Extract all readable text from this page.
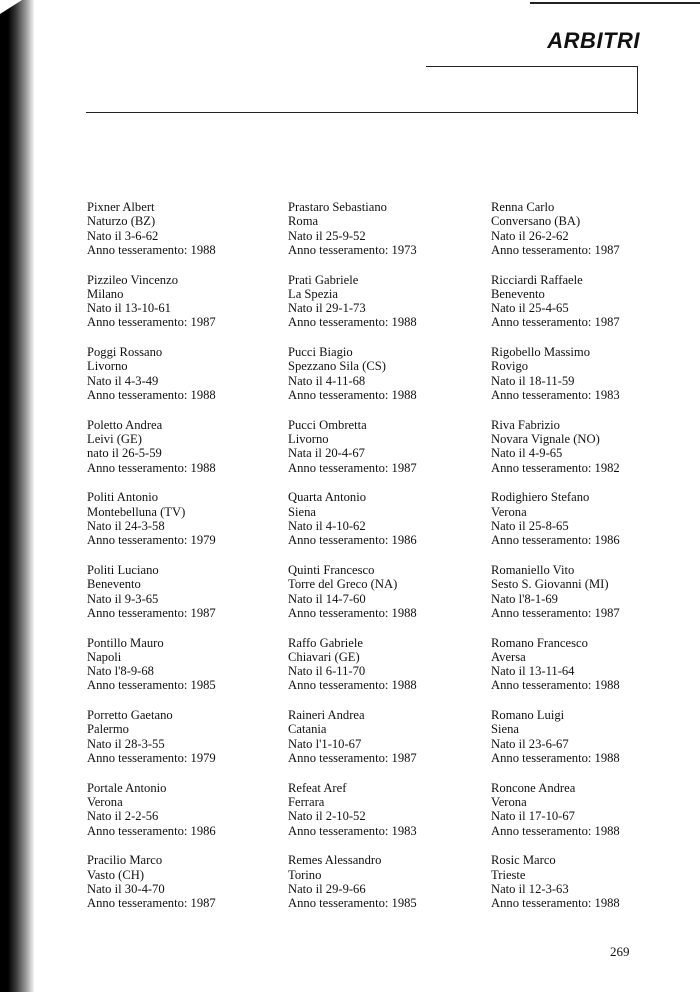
ARBITRI
Pixner Albert
Naturzo (BZ)
Nato il 3-6-62
Anno tesseramento: 1988
Pizzileo Vincenzo
Milano
Nato il 13-10-61
Anno tesseramento: 1987
Poggi Rossano
Livorno
Nato il 4-3-49
Anno tesseramento: 1988
Poletto Andrea
Leivi (GE)
nato il 26-5-59
Anno tesseramento: 1988
Politi Antonio
Montebelluna (TV)
Nato il 24-3-58
Anno tesseramento: 1979
Politi Luciano
Benevento
Nato il 9-3-65
Anno tesseramento: 1987
Pontillo Mauro
Napoli
Nato l'8-9-68
Anno tesseramento: 1985
Porretto Gaetano
Palermo
Nato il 28-3-55
Anno tesseramento: 1979
Portale Antonio
Verona
Nato il 2-2-56
Anno tesseramento: 1986
Pracilio Marco
Vasto (CH)
Nato il 30-4-70
Anno tesseramento: 1987
Prastaro Sebastiano
Roma
Nato il 25-9-52
Anno tesseramento: 1973
Prati Gabriele
La Spezia
Nato il 29-1-73
Anno tesseramento: 1988
Pucci Biagio
Spezzano Sila (CS)
Nato il 4-11-68
Anno tesseramento: 1988
Pucci Ombretta
Livorno
Nata il 20-4-67
Anno tesseramento: 1987
Quarta Antonio
Siena
Nato il 4-10-62
Anno tesseramento: 1986
Quinti Francesco
Torre del Greco (NA)
Nato il 14-7-60
Anno tesseramento: 1988
Raffo Gabriele
Chiavari (GE)
Nato il 6-11-70
Anno tesseramento: 1988
Raineri Andrea
Catania
Nato l'1-10-67
Anno tesseramento: 1987
Refeat Aref
Ferrara
Nato il 2-10-52
Anno tesseramento: 1983
Remes Alessandro
Torino
Nato il 29-9-66
Anno tesseramento: 1985
Renna Carlo
Conversano (BA)
Nato il 26-2-62
Anno tesseramento: 1987
Ricciardi Raffaele
Benevento
Nato il 25-4-65
Anno tesseramento: 1987
Rigobello Massimo
Rovigo
Nato il 18-11-59
Anno tesseramento: 1983
Riva Fabrizio
Novara Vignale (NO)
Nato il 4-9-65
Anno tesseramento: 1982
Rodighiero Stefano
Verona
Nato il 25-8-65
Anno tesseramento: 1986
Romaniello Vito
Sesto S. Giovanni (MI)
Nato l'8-1-69
Anno tesseramento: 1987
Romano Francesco
Aversa
Nato il 13-11-64
Anno tesseramento: 1988
Romano Luigi
Siena
Nato il 23-6-67
Anno tesseramento: 1988
Roncone Andrea
Verona
Nato il 17-10-67
Anno tesseramento: 1988
Rosic Marco
Trieste
Nato il 12-3-63
Anno tesseramento: 1988
269
